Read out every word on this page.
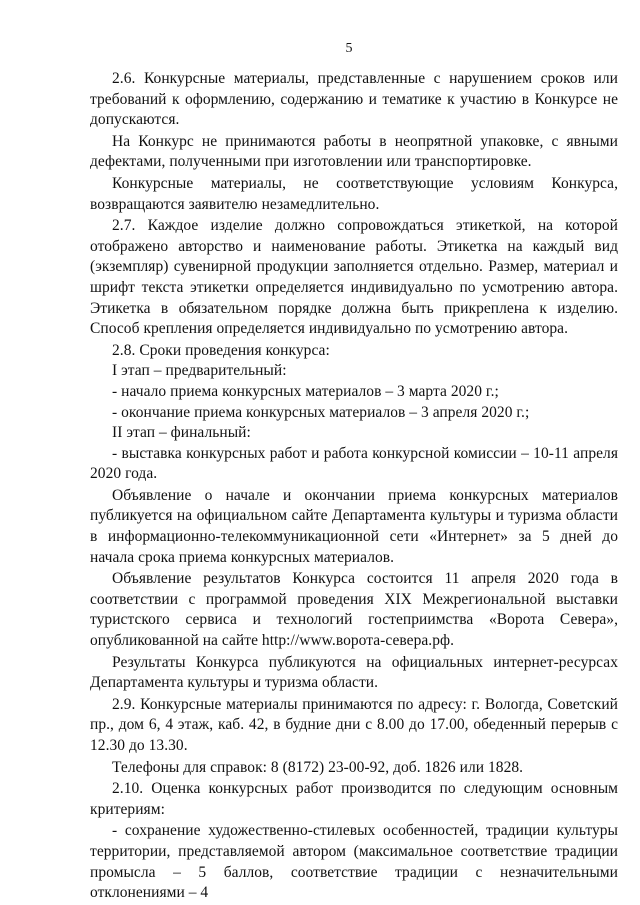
5

2.6. Конкурсные материалы, представленные с нарушением сроков или требований к оформлению, содержанию и тематике к участию в Конкурсе не допускаются.

На Конкурс не принимаются работы в неопрятной упаковке, с явными дефектами, полученными при изготовлении или транспортировке.

Конкурсные материалы, не соответствующие условиям Конкурса, возвращаются заявителю незамедлительно.

2.7. Каждое изделие должно сопровождаться этикеткой, на которой отображено авторство и наименование работы. Этикетка на каждый вид (экземпляр) сувенирной продукции заполняется отдельно. Размер, материал и шрифт текста этикетки определяется индивидуально по усмотрению автора. Этикетка в обязательном порядке должна быть прикреплена к изделию. Способ крепления определяется индивидуально по усмотрению автора.

2.8. Сроки проведения конкурса:

I этап – предварительный:

- начало приема конкурсных материалов – 3 марта 2020 г.;

- окончание приема конкурсных материалов – 3 апреля 2020 г.;

II этап – финальный:

- выставка конкурсных работ и работа конкурсной комиссии – 10-11 апреля 2020 года.

Объявление о начале и окончании приема конкурсных материалов публикуется на официальном сайте Департамента культуры и туризма области в информационно-телекоммуникационной сети «Интернет» за 5 дней до начала срока приема конкурсных материалов.

Объявление результатов Конкурса состоится 11 апреля 2020 года в соответствии с программой проведения XIX Межрегиональной выставки туристского сервиса и технологий гостеприимства «Ворота Севера», опубликованной на сайте http://www.ворота-севера.рф.

Результаты Конкурса публикуются на официальных интернет-ресурсах Департамента культуры и туризма области.

2.9. Конкурсные материалы принимаются по адресу: г. Вологда, Советский пр., дом 6, 4 этаж, каб. 42, в будние дни с 8.00 до 17.00, обеденный перерыв с 12.30 до 13.30.

Телефоны для справок: 8 (8172) 23-00-92, доб. 1826 или 1828.

2.10. Оценка конкурсных работ производится по следующим основным критериям:

- сохранение художественно-стилевых особенностей, традиции культуры территории, представляемой автором (максимальное соответствие традиции промысла – 5 баллов, соответствие традиции с незначительными отклонениями – 4
